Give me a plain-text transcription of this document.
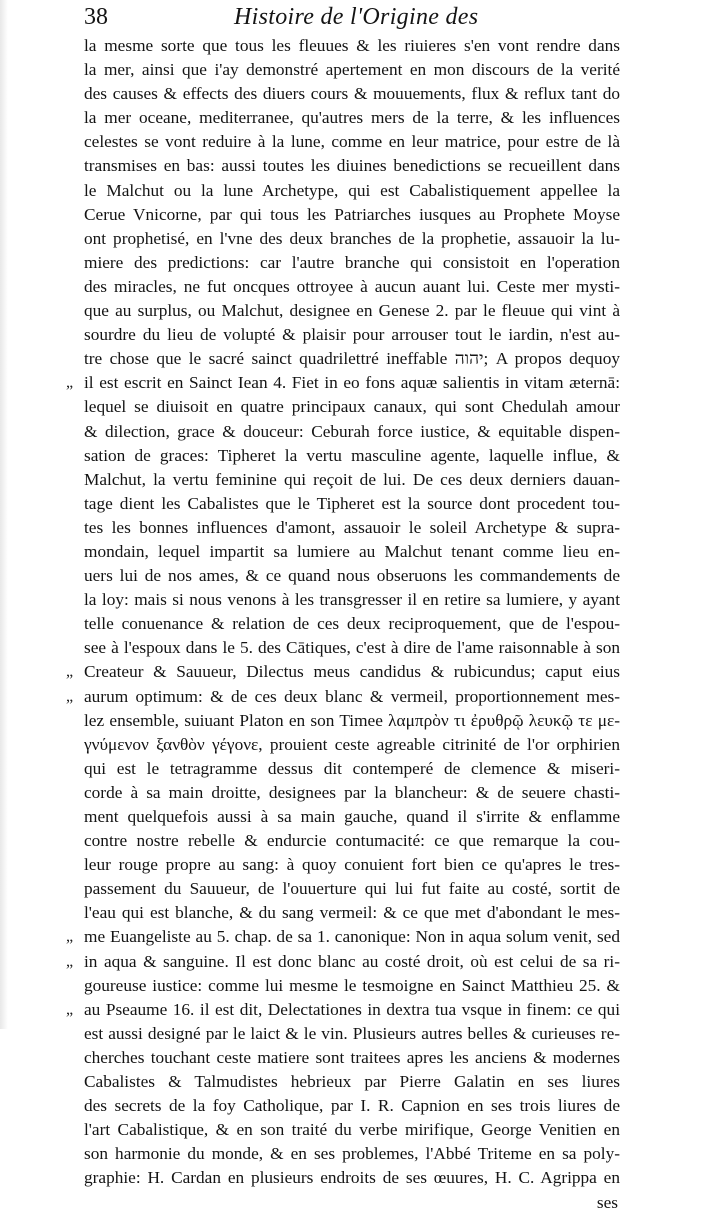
38	Histoire de l'Origine des
la mesme sorte que tous les fleuues & les riuieres s'en vont rendre dans
la mer, ainsi que i'ay demonstré apertement en mon discours de la verité
des causes & effects des diuers cours & mouuements, flux & reflux tant do
la mer oceane, mediterranee, qu'autres mers de la terre, & les influences
celestes se vont reduire à la lune, comme en leur matrice, pour estre de là
transmises en bas: aussi toutes les diuines benedictions se recueillent dans
le Malchut ou la lune Archetype, qui est Cabalistiquement appellee la
Cerue Vnicorne, par qui tous les Patriarches iusques au Prophete Moyse
ont prophetisé, en l'vne des deux branches de la prophetie, assauoir la lu-
miere des predictions: car l'autre branche qui consistoit en l'operation
des miracles, ne fut oncques ottroyee à aucun auant lui. Ceste mer mysti-
que au surplus, ou Malchut, designee en Genese 2. par le fleuue qui vint à
sourdre du lieu de volupté & plaisir pour arrouser tout le iardin, n'est au-
tre chose que le sacré sainct quadrilettré ineffable יהוה; A propos dequoy
„ il est escrit en Sainct Iean 4. Fiet in eo fons aquæ salientis in vitam æternā:
lequel se diuisoit en quatre principaux canaux, qui sont Chedulah amour
& dilection, grace & douceur: Ceburah force iustice, & equitable dispen-
sation de graces: Tipheret la vertu masculine agente, laquelle influe, &
Malchut, la vertu feminine qui reçoit de lui. De ces deux derniers dauan-
tage dient les Cabalistes que le Tipheret est la source dont procedent tou-
tes les bonnes influences d'amont, assauoir le soleil Archetype & supra-
mondain, lequel impartit sa lumiere au Malchut tenant comme lieu en-
uers lui de nos ames, & ce quand nous obseruons les commandements de
la loy: mais si nous venons à les transgresser il en retire sa lumiere, y ayant
telle conuenance & relation de ces deux reciproquement, que de l'espou-
see à l'espoux dans le 5. des Cātiques, c'est à dire de l'ame raisonnable à son
„ Createur & Sauueur, Dilectus meus candidus & rubicundus; caput eius
„ aurum optimum: & de ces deux blanc & vermeil, proportionnement mes-
lez ensemble, suiuant Platon en son Timee λαμπρὸν τι ἐρυθρῷ λευκῷ τε με-
γνύμενον ξανθὸν γέγονε, prouient ceste agreable citrinité de l'or orphirien
qui est le tetragramme dessus dit contemperé de clemence & miseri-
corde à sa main droitte, designees par la blancheur: & de seuere chasti-
ment quelquefois aussi à sa main gauche, quand il s'irrite & enflamme
contre nostre rebelle & endurcie contumacité: ce que remarque la cou-
leur rouge propre au sang: à quoy conuient fort bien ce qu'apres le tres-
passement du Sauueur, de l'ouuerture qui lui fut faite au costé, sortit de
l'eau qui est blanche, & du sang vermeil: & ce que met d'abondant le mes-
„ me Euangeliste au 5. chap. de sa 1. canonique: Non in aqua solum venit, sed
„ in aqua & sanguine. Il est donc blanc au costé droit, où est celui de sa ri-
goureuse iustice: comme lui mesme le tesmoigne en Sainct Matthieu 25. &
„ au Pseaume 16. il est dit, Delectationes in dextra tua vsque in finem: ce qui
est aussi designé par le laict & le vin. Plusieurs autres belles & curieuses re-
cherches touchant ceste matiere sont traitees apres les anciens & modernes
Cabalistes & Talmudistes hebrieux par Pierre Galatin en ses liures
des secrets de la foy Catholique, par I. R. Capnion en ses trois liures de
l'art Cabalistique, & en son traité du verbe mirifique, George Venitien en
son harmonie du monde, & en ses problemes, l'Abbé Triteme en sa poly-
graphie: H. Cardan en plusieurs endroits de ses œuures, H. C. Agrippa en
ses
